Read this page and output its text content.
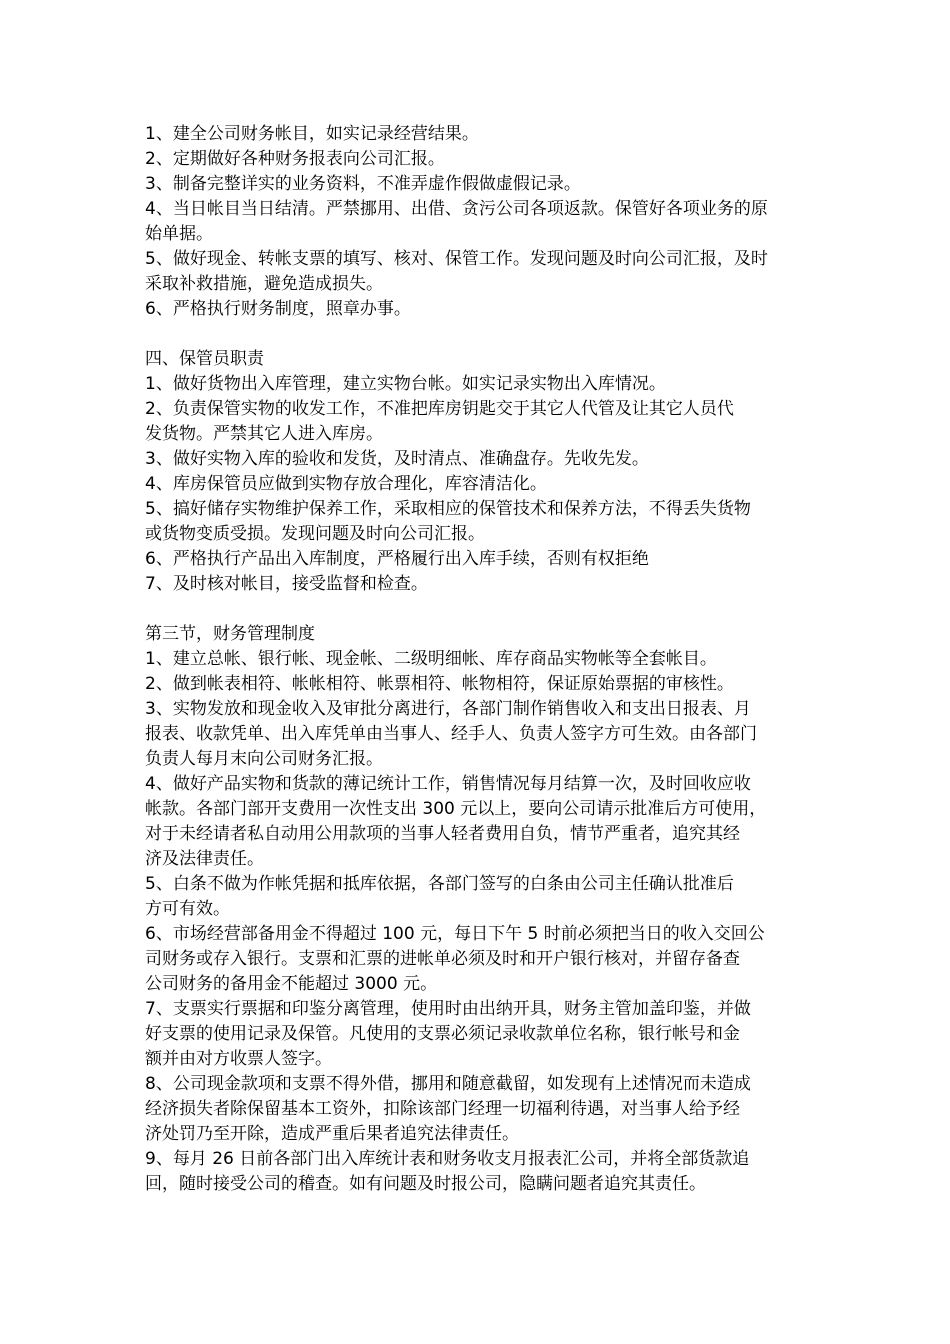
1、建全公司财务帐目，如实记录经营结果。
2、定期做好各种财务报表向公司汇报。
3、制备完整详实的业务资料，不准弄虚作假做虚假记录。
4、当日帐目当日结清。严禁挪用、出借、贪污公司各项返款。保管好各项业务的原
始单据。
5、做好现金、转帐支票的填写、核对、保管工作。发现问题及时向公司汇报，及时
采取补救措施，避免造成损失。
6、严格执行财务制度，照章办事。
四、保管员职责
1、做好货物出入库管理，建立实物台帐。如实记录实物出入库情况。
2、负责保管实物的收发工作，不准把库房钥匙交于其它人代管及让其它人员代
发货物。严禁其它人进入库房。
3、做好实物入库的验收和发货，及时清点、准确盘存。先收先发。
4、库房保管员应做到实物存放合理化，库容清洁化。
5、搞好储存实物维护保养工作，采取相应的保管技术和保养方法，不得丢失货物
或货物变质受损。发现问题及时向公司汇报。
6、严格执行产品出入库制度，严格履行出入库手续，否则有权拒绝
7、及时核对帐目，接受监督和检查。
第三节，财务管理制度
1、建立总帐、银行帐、现金帐、二级明细帐、库存商品实物帐等全套帐目。
2、做到帐表相符、帐帐相符、帐票相符、帐物相符，保证原始票据的审核性。
3、实物发放和现金收入及审批分离进行，各部门制作销售收入和支出日报表、月
报表、收款凭单、出入库凭单由当事人、经手人、负责人签字方可生效。由各部门
负责人每月末向公司财务汇报。
4、做好产品实物和货款的薄记统计工作，销售情况每月结算一次，及时回收应收
帐款。各部门部开支费用一次性支出 300 元以上，要向公司请示批准后方可使用，
对于未经请者私自动用公用款项的当事人轻者费用自负，情节严重者，追究其经
济及法律责任。
5、白条不做为作帐凭据和抵库依据，各部门签写的白条由公司主任确认批准后
方可有效。
6、市场经营部备用金不得超过 100 元，每日下午 5 时前必须把当日的收入交回公
司财务或存入银行。支票和汇票的进帐单必须及时和开户银行核对，并留存备查
公司财务的备用金不能超过 3000 元。
7、支票实行票据和印鉴分离管理，使用时由出纳开具，财务主管加盖印鉴，并做
好支票的使用记录及保管。凡使用的支票必须记录收款单位名称，银行帐号和金
额并由对方收票人签字。
8、公司现金款项和支票不得外借，挪用和随意截留，如发现有上述情况而未造成
经济损失者除保留基本工资外，扣除该部门经理一切福利待遇，对当事人给予经
济处罚乃至开除，造成严重后果者追究法律责任。
9、每月 26 日前各部门出入库统计表和财务收支月报表汇公司，并将全部货款追
回，随时接受公司的稽查。如有问题及时报公司，隐瞒问题者追究其责任。
